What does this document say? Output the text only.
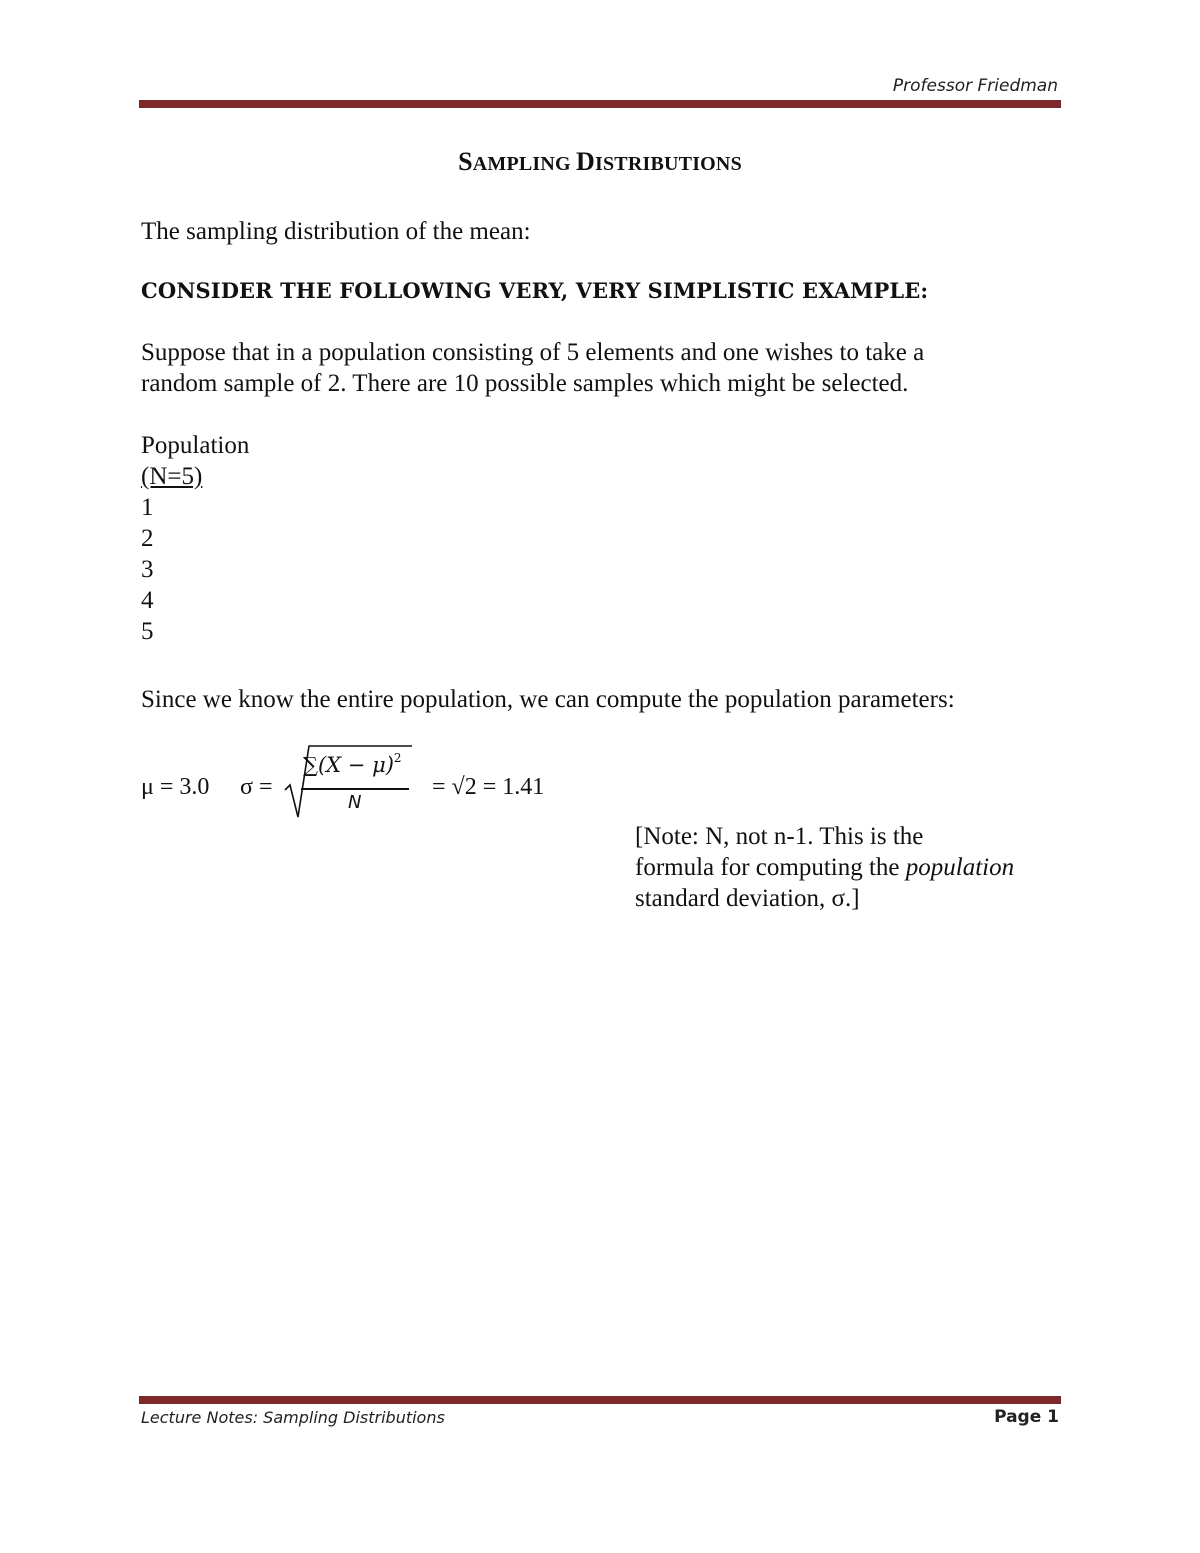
Professor Friedman
SAMPLING DISTRIBUTIONS
The sampling distribution of the mean:
CONSIDER THE FOLLOWING VERY, VERY SIMPLISTIC EXAMPLE:
Suppose that in a population consisting of 5 elements and one wishes to take a
random sample of 2. There are 10 possible samples which might be selected.
Population
(N=5)
1
2
3
4
5
Since we know the entire population, we can compute the population parameters:
μ = 3.0 σ =
$\sum(X - \mu)^2$
N
= √2 = 1.41
[Note: N, not n-1. This is the
formula for computing the population
standard deviation, σ.]
Lecture Notes: Sampling Distributions	Page 1
